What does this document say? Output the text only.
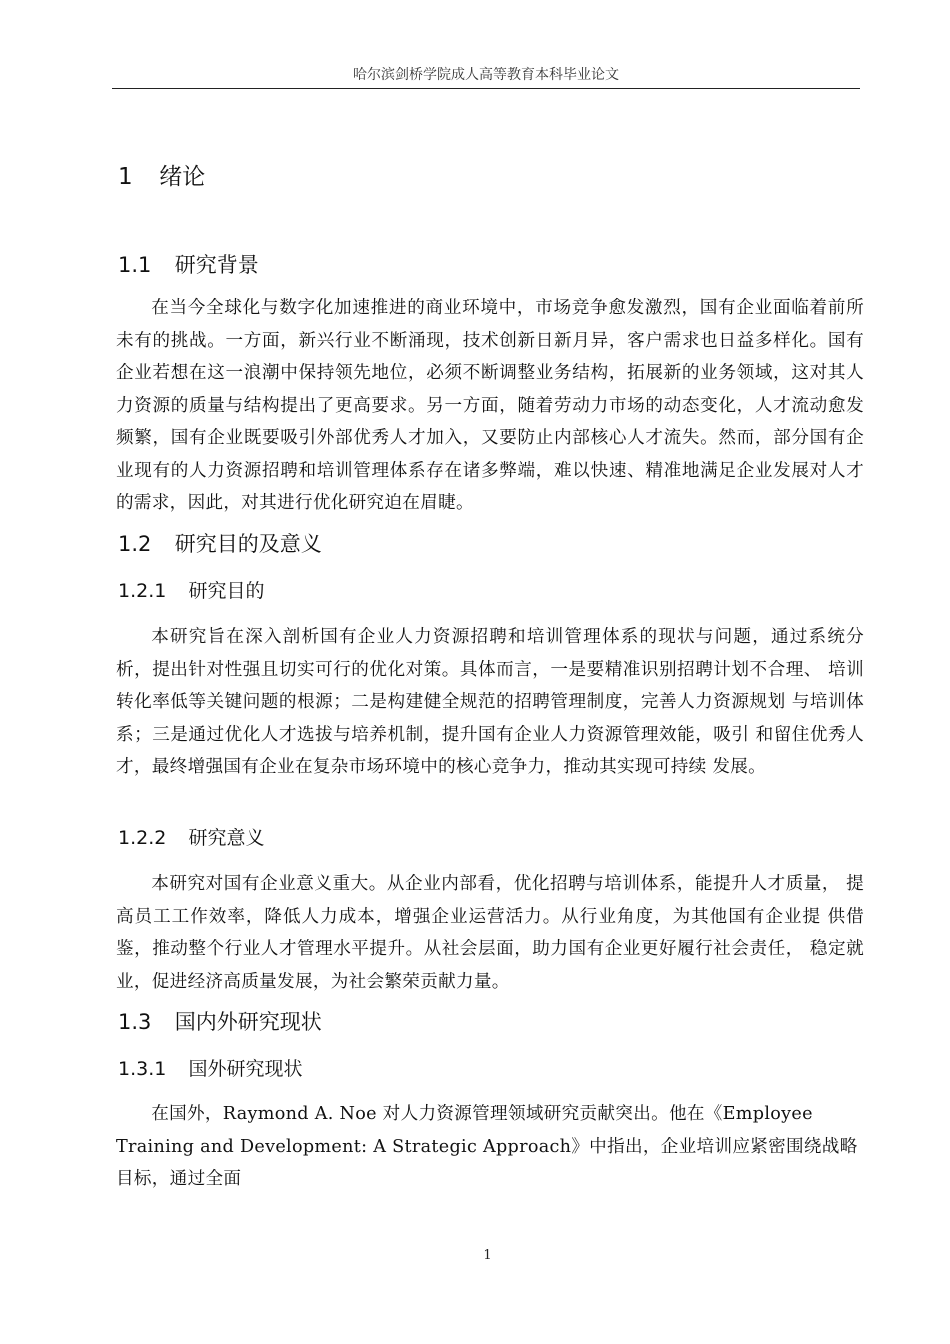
哈尔滨剑桥学院成人高等教育本科毕业论文
1 绪论
1.1 研究背景

在当今全球化与数字化加速推进的商业环境中，市场竞争愈发激烈，国有企业面临着前所未有的挑战。一方面，新兴行业不断涌现，技术创新日新月异，客户需求也日益多样化。国有企业若想在这一浪潮中保持领先地位，必须不断调整业务结构，拓展新的业务领域，这对其人力资源的质量与结构提出了更高要求。另一方面，随着劳动力市场的动态变化，人才流动愈发频繁，国有企业既要吸引外部优秀人才加入，又要防止内部核心人才流失。然而，部分国有企业现有的人力资源招聘和培训管理体系存在诸多弊端，难以快速、精准地满足企业发展对人才的需求，因此，对其进行优化研究迫在眉睫。

1.2 研究目的及意义
1.2.1 研究目的

本研究旨在深入剖析国有企业人力资源招聘和培训管理体系的现状与问题，通过系统分析，提出针对性强且切实可行的优化对策。具体而言，一是要精准识别招聘计划不合理、 培训转化率低等关键问题的根源；二是构建健全规范的招聘管理制度，完善人力资源规划 与培训体系；三是通过优化人才选拔与培养机制，提升国有企业人力资源管理效能，吸引 和留住优秀人才，最终增强国有企业在复杂市场环境中的核心竞争力，推动其实现可持续 发展。

1.2.2 研究意义

本研究对国有企业意义重大。从企业内部看，优化招聘与培训体系，能提升人才质量， 提高员工工作效率，降低人力成本，增强企业运营活力。从行业角度，为其他国有企业提 供借鉴，推动整个行业人才管理水平提升。从社会层面，助力国有企业更好履行社会责任， 稳定就业，促进经济高质量发展，为社会繁荣贡献力量。

1.3 国内外研究现状
1.3.1 国外研究现状

在国外，Raymond A. Noe 对人力资源管理领域研究贡献突出。他在《Employee Training and Development: A Strategic Approach》中指出，企业培训应紧密围绕战略目标，通过全面

1
